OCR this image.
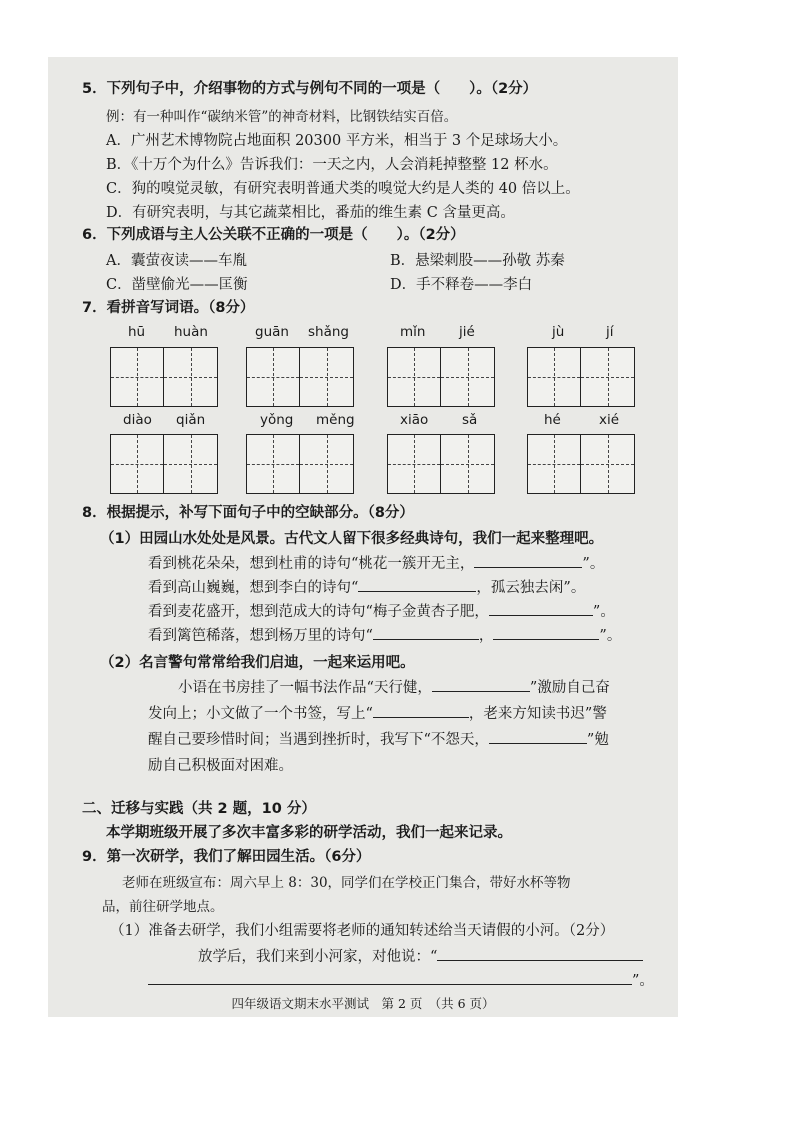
5．下列句子中，介绍事物的方式与例句不同的一项是（　　）。（2分）
例：有一种叫作“碳纳米管”的神奇材料，比钢铁结实百倍。
A．广州艺术博物院占地面积 20300 平方米，相当于 3 个足球场大小。
B．《十万个为什么》告诉我们：一天之内，人会消耗掉整整 12 杯水。
C．狗的嗅觉灵敏，有研究表明普通犬类的嗅觉大约是人类的 40 倍以上。
D．有研究表明，与其它蔬菜相比，番茄的维生素 C 含量更高。
6．下列成语与主人公关联不正确的一项是（　　）。（2分）
A．囊萤夜读——车胤	B．悬梁刺股——孙敬 苏秦
C．凿壁偷光——匡衡	D．手不释卷——李白
7．看拼音写词语。（8分）
hū huàn	guān shǎng	mǐn jié	jù	jí
diào qiǎn	yǒng měng	xiāo sǎ	hé	xié
8．根据提示，补写下面句子中的空缺部分。（8分）
（1）田园山水处处是风景。古代文人留下很多经典诗句，我们一起来整理吧。
看到桃花朵朵，想到杜甫的诗句“桃花一簇开无主，	”。
看到高山巍巍，想到李白的诗句“	，孤云独去闲”。
看到麦花盛开，想到范成大的诗句“梅子金黄杏子肥，	”。
看到篱笆稀落，想到杨万里的诗句“	，	”。
（2）名言警句常常给我们启迪，一起来运用吧。
小语在书房挂了一幅书法作品“天行健，	”激励自己奋
发向上；小文做了一个书签，写上“	，老来方知读书迟”警
醒自己要珍惜时间；当遇到挫折时，我写下“不怨天，	”勉
励自己积极面对困难。
二、迁移与实践（共 2 题，10 分）
本学期班级开展了多次丰富多彩的研学活动，我们一起来记录。
9．第一次研学，我们了解田园生活。（6分）
老师在班级宣布：周六早上 8：30，同学们在学校正门集合，带好水杯等物
品，前往研学地点。
（1）准备去研学，我们小组需要将老师的通知转述给当天请假的小河。（2分）
放学后，我们来到小河家，对他说：“
”。
四年级语文期末水平测试　第 2 页　（共 6 页）
